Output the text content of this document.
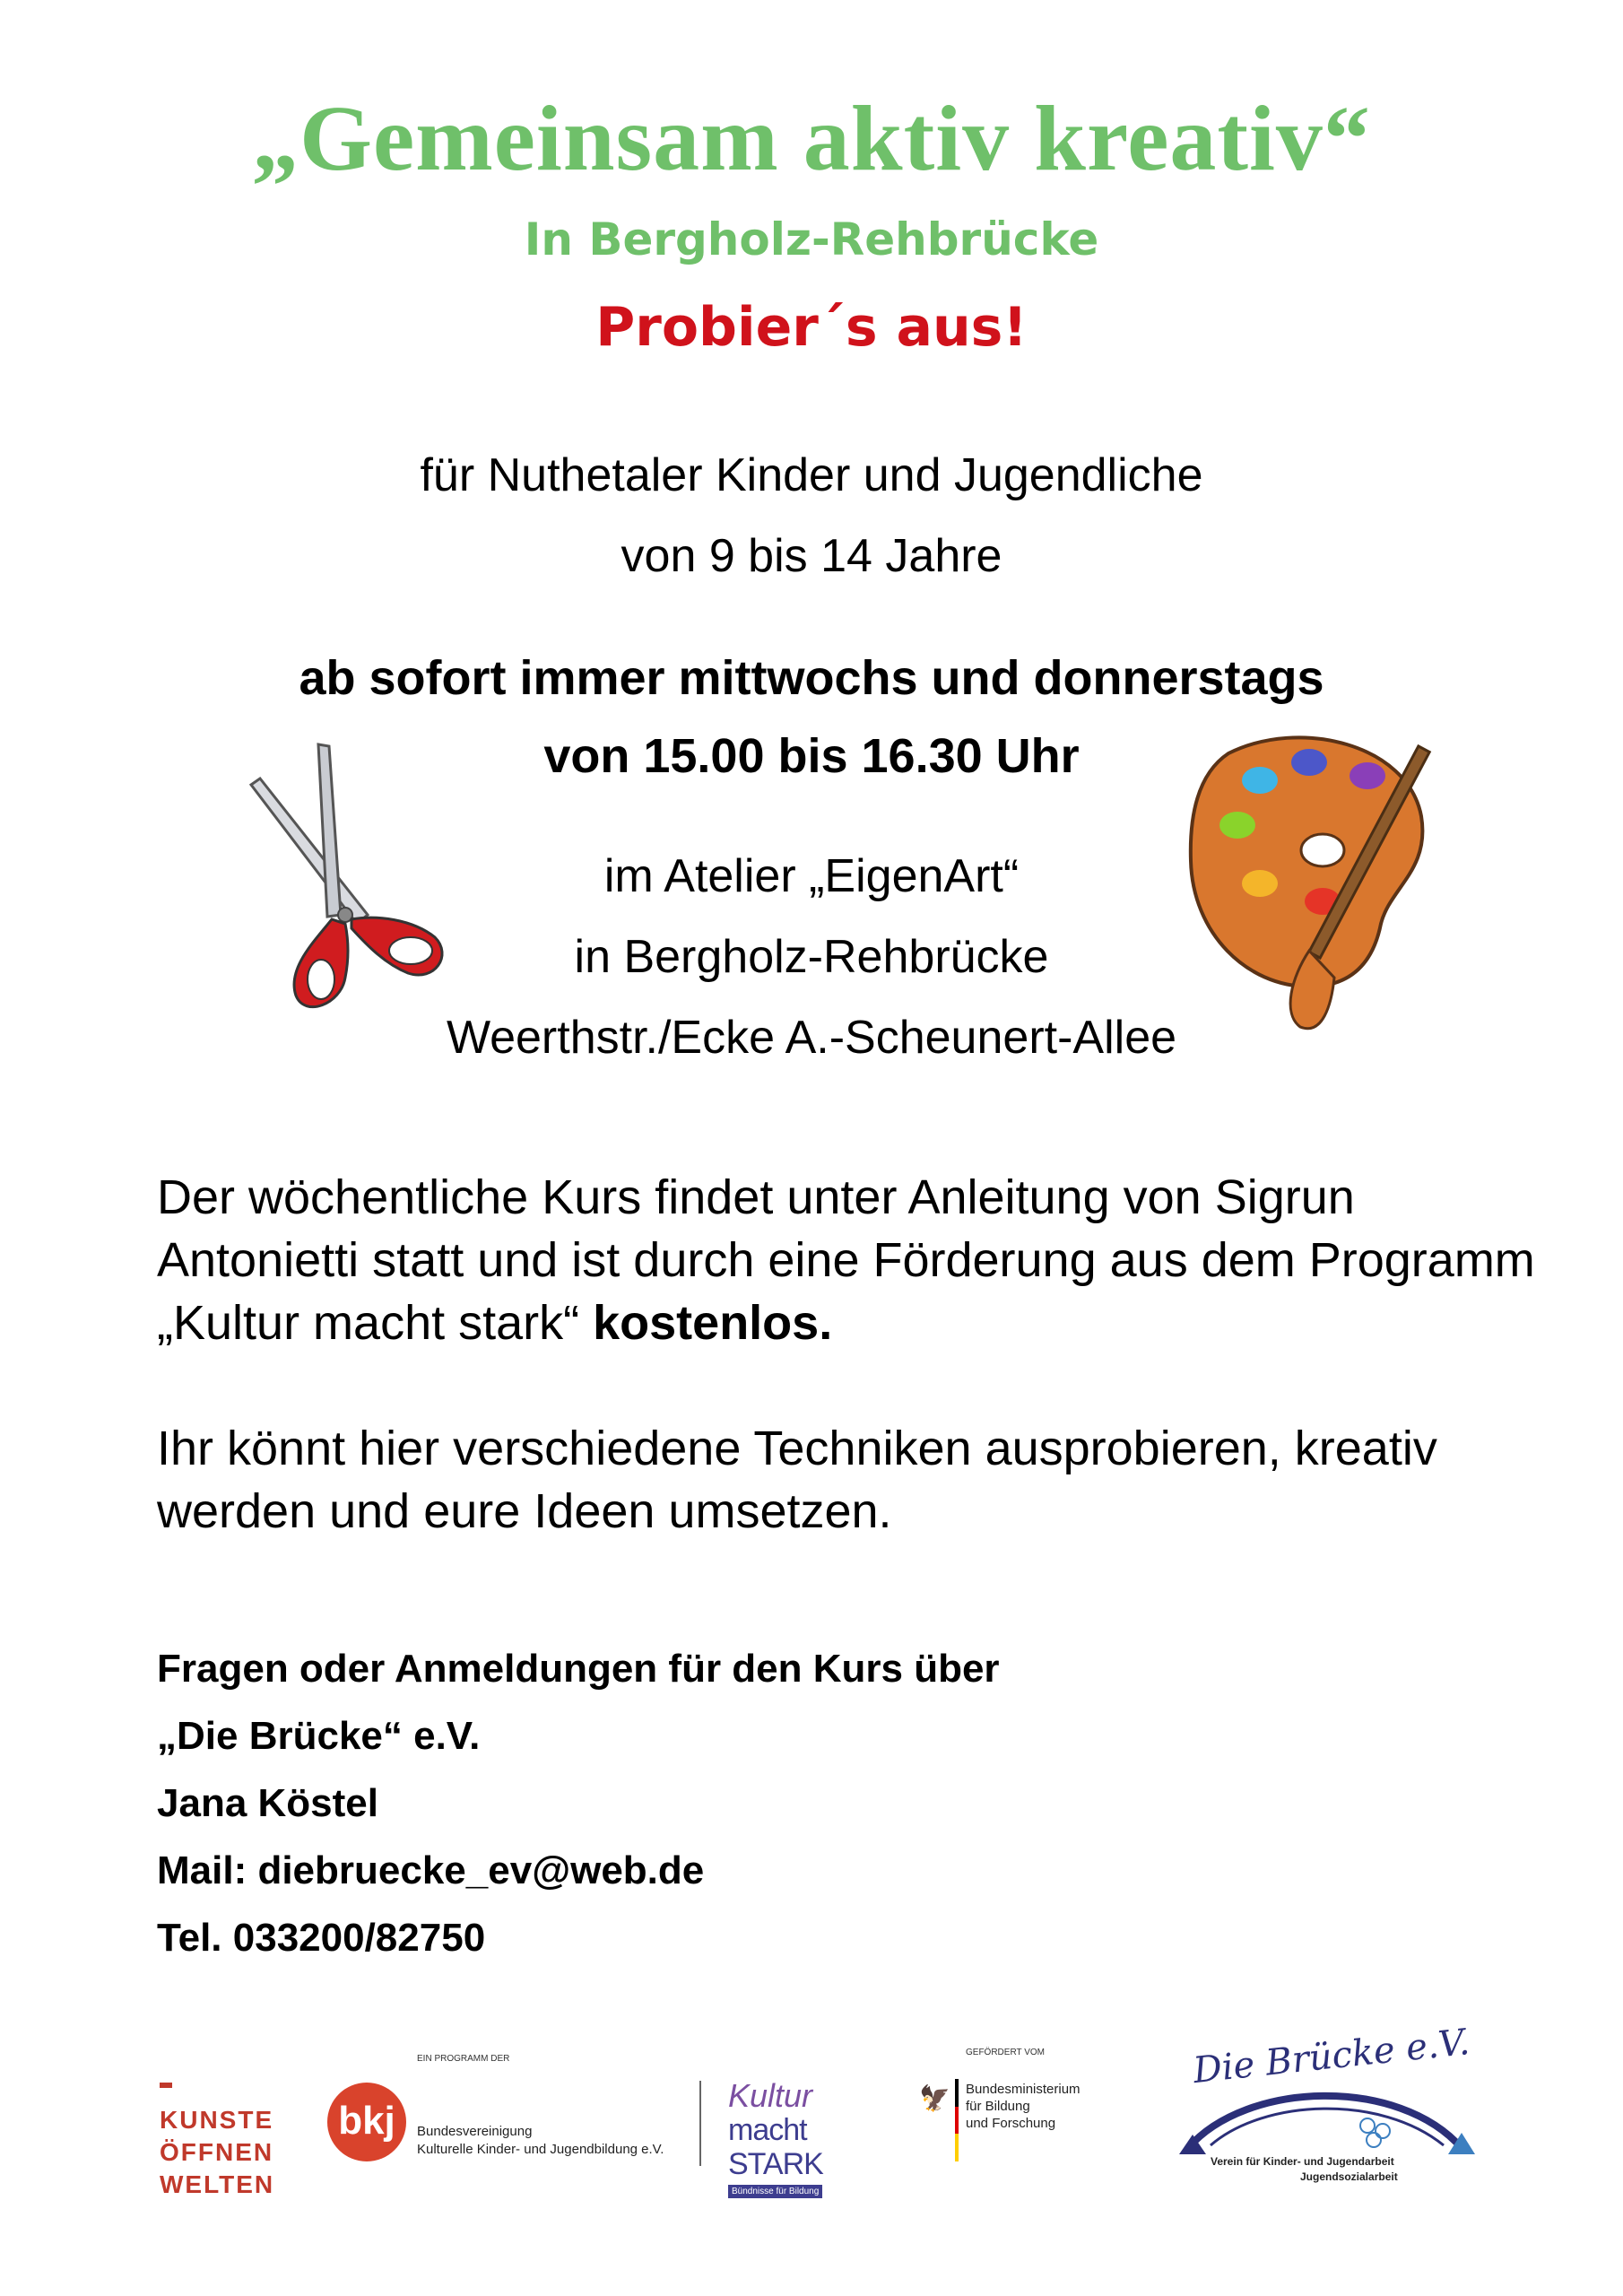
„Gemeinsam aktiv kreativ“
In Bergholz-Rehbrücke
Probier´s aus!
für Nuthetaler Kinder und Jugendliche
von 9 bis 14 Jahre
ab sofort immer mittwochs und donnerstags
von 15.00 bis 16.30 Uhr
im Atelier „EigenArt“
in Bergholz-Rehbrücke
Weerthstr./Ecke A.-Scheunert-Allee
Der wöchentliche Kurs findet unter Anleitung von Sigrun Antonietti statt und ist durch eine Förderung aus dem Programm „Kultur macht stark“ kostenlos.
Ihr könnt hier verschiedene Techniken ausprobieren, kreativ werden und eure Ideen umsetzen.
Fragen oder Anmeldungen für den Kurs über
„Die Brücke“ e.V.
Jana Köstel
Mail: diebruecke_ev@web.de
Tel. 033200/82750
KUNSTE
ÖFFNEN
WELTEN
EIN PROGRAMM DER
bkj	Bundesvereinigung
Kulturelle Kinder- und Jugendbildung e.V.
Kultur
macht STARK
Bündnisse für Bildung
GEFÖRDERT VOM
🦅 Bundesministerium
für Bildung
und Forschung
Die Brücke e.V.
Verein für Kinder- und Jugendarbeit
Jugendsozialarbeit
